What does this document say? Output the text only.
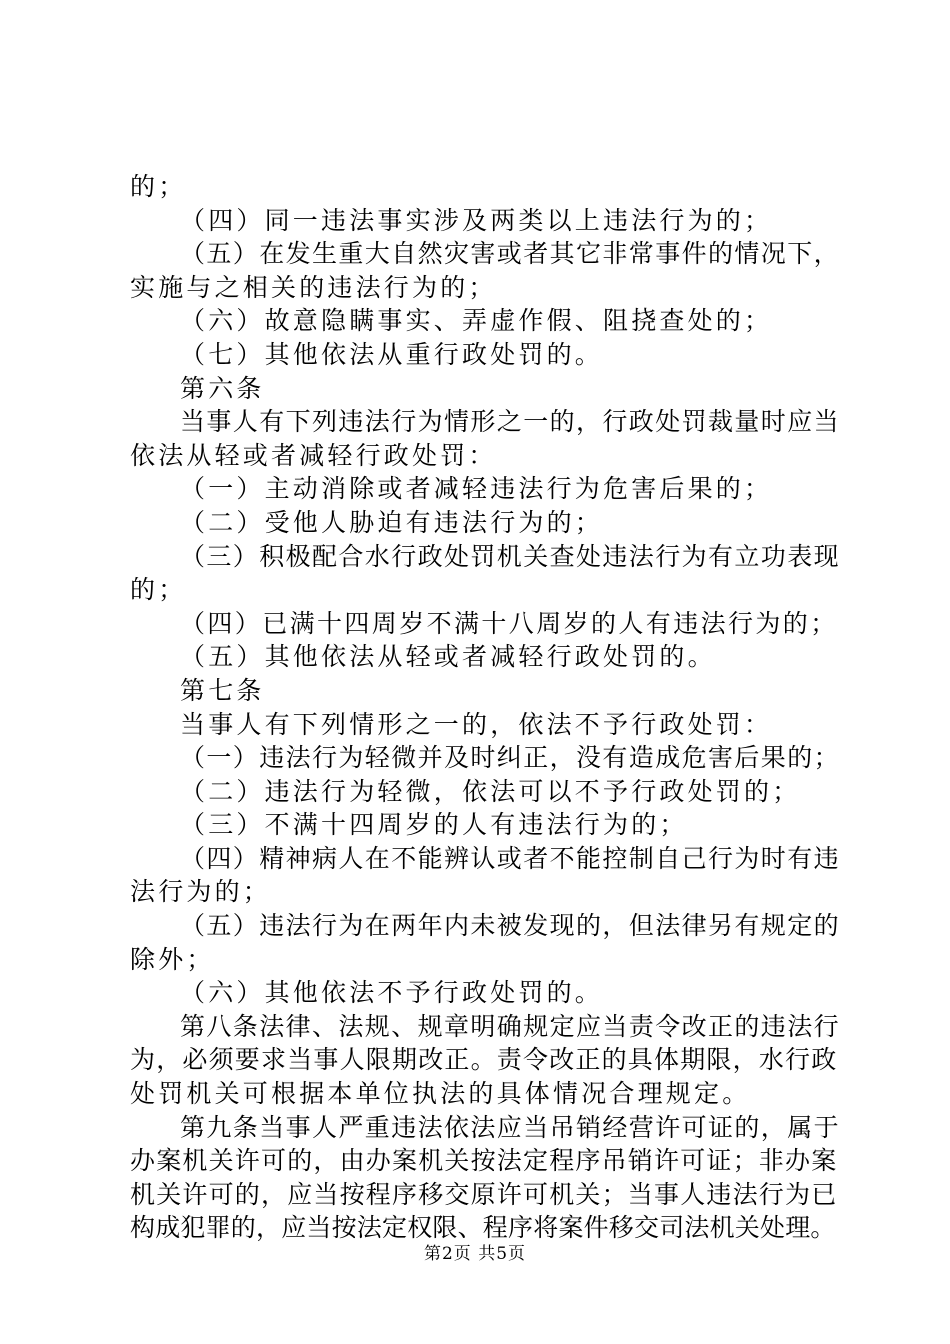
的；
（四）同一违法事实涉及两类以上违法行为的；
（五）在发生重大自然灾害或者其它非常事件的情况下，
实施与之相关的违法行为的；
（六）故意隐瞒事实、弄虚作假、阻挠查处的；
（七）其他依法从重行政处罚的。
第六条
当事人有下列违法行为情形之一的，行政处罚裁量时应当
依法从轻或者减轻行政处罚：
（一）主动消除或者减轻违法行为危害后果的；
（二）受他人胁迫有违法行为的；
（三）积极配合水行政处罚机关查处违法行为有立功表现
的；
（四）已满十四周岁不满十八周岁的人有违法行为的；
（五）其他依法从轻或者减轻行政处罚的。
第七条
当事人有下列情形之一的，依法不予行政处罚：
（一）违法行为轻微并及时纠正，没有造成危害后果的；
（二）违法行为轻微，依法可以不予行政处罚的；
（三）不满十四周岁的人有违法行为的；
（四）精神病人在不能辨认或者不能控制自己行为时有违
法行为的；
（五）违法行为在两年内未被发现的，但法律另有规定的
除外；
（六）其他依法不予行政处罚的。
第八条法律、法规、规章明确规定应当责令改正的违法行
为，必须要求当事人限期改正。责令改正的具体期限，水行政
处罚机关可根据本单位执法的具体情况合理规定。
第九条当事人严重违法依法应当吊销经营许可证的，属于
办案机关许可的，由办案机关按法定程序吊销许可证；非办案
机关许可的，应当按程序移交原许可机关；当事人违法行为已
构成犯罪的，应当按法定权限、程序将案件移交司法机关处理。
第2页 共5页
